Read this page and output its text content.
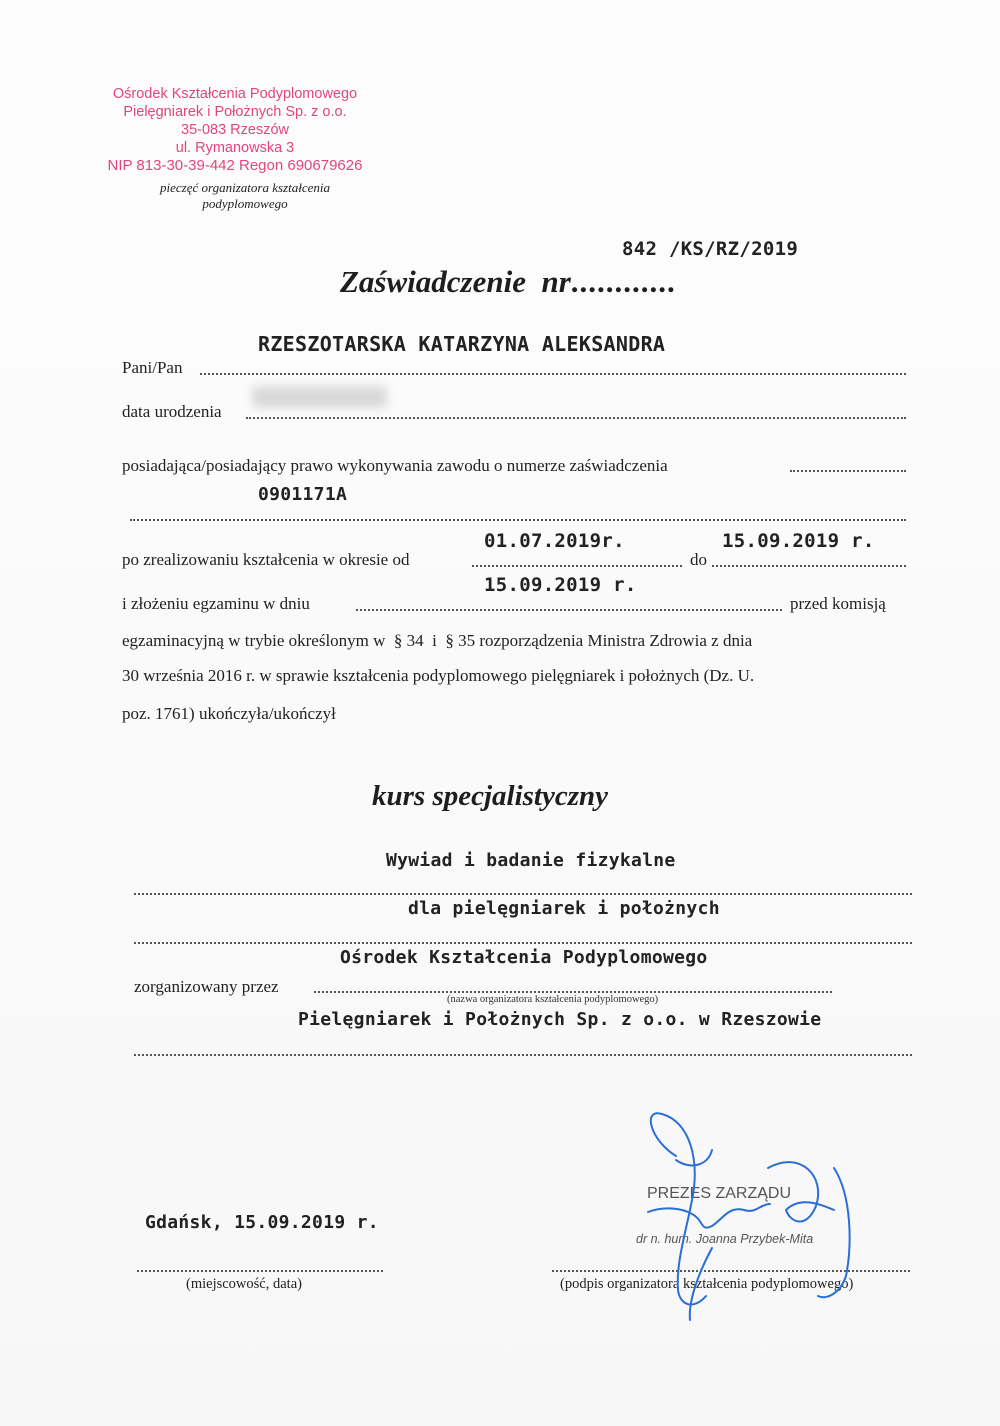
Ośrodek Kształcenia Podyplomowego
Pielęgniarek i Położnych Sp. z o.o.
35-083 Rzeszów
ul. Rymanowska 3
NIP 813-30-39-442 Regon 690679626
pieczęć organizatora kształcenia
podyplomowego
842 /KS/RZ/2019
Zaświadczenie  nr............
RZESZOTARSKA KATARZYNA ALEKSANDRA
Pani/Pan
data urodzenia
posiadająca/posiadający prawo wykonywania zawodu o numerze zaświadczenia
0901171A
01.07.2019r.	15.09.2019 r.
po zrealizowaniu kształcenia w okresie od	do
15.09.2019 r.
i złożeniu egzaminu w dniu	przed komisją
egzaminacyjną w trybie określonym w  § 34  i  § 35 rozporządzenia Ministra Zdrowia z dnia
30 września 2016 r. w sprawie kształcenia podyplomowego pielęgniarek i położnych (Dz. U.
poz. 1761) ukończyła/ukończył
kurs specjalistyczny
Wywiad i badanie fizykalne
dla pielęgniarek i położnych
Ośrodek Kształcenia Podyplomowego
zorganizowany przez
(nazwa organizatora kształcenia podyplomowego)
Pielęgniarek i Położnych Sp. z o.o. w Rzeszowie
Gdańsk, 15.09.2019 r.
(miejscowość, data)
PREZES ZARZĄDU
dr n. hum. Joanna Przybek-Mita
(podpis organizatora kształcenia podyplomowego)
